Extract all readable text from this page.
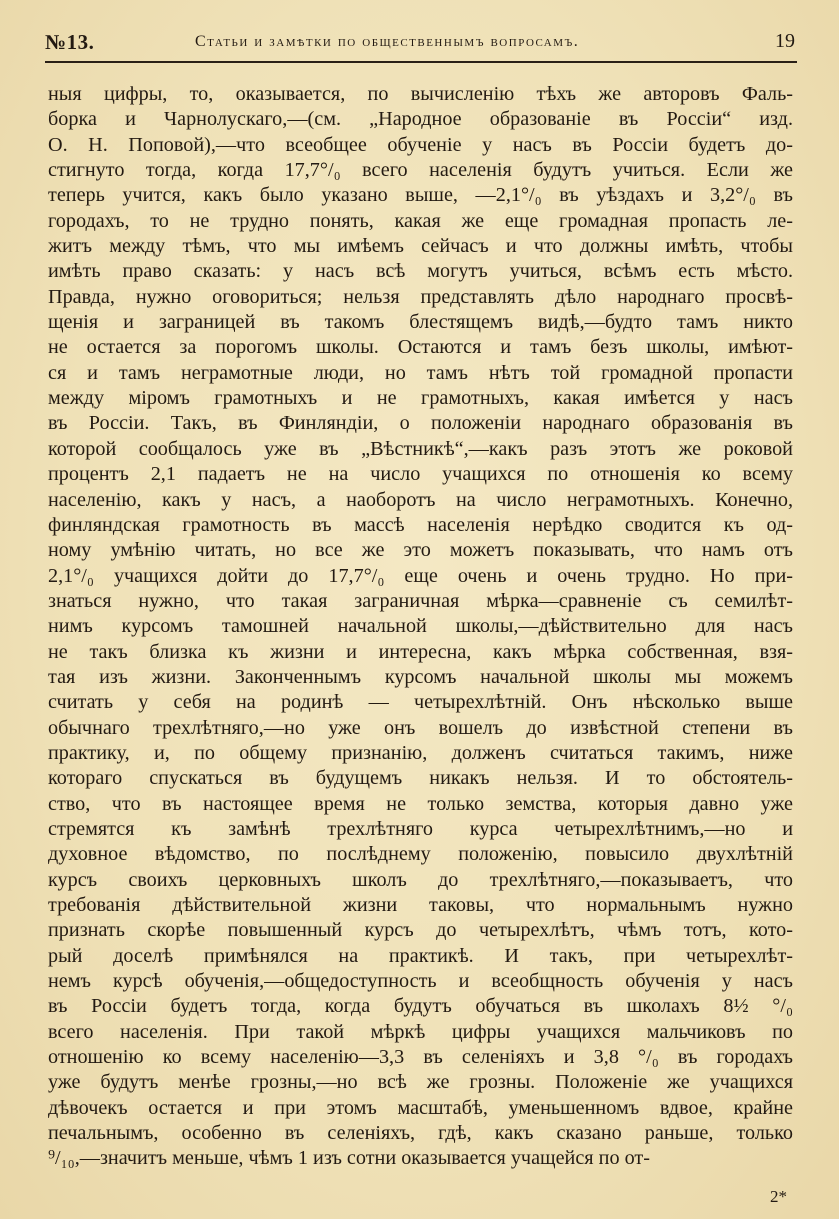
№13.	Статьи и замѣтки по общественнымъ вопросамъ.	19
ныя цифры, то, оказывается, по вычисленію тѣхъ же авторовъ Фаль-
борка и Чарнолускаго,—(см. „Народное образованіе въ Россіи“ изд.
О. Н. Поповой),—что всеобщее обученіе у насъ въ Россіи будетъ до-
стигнуто тогда, когда 17,7°/₀ всего населенія будутъ учиться. Если же
теперь учится, какъ было указано выше, —2,1°/₀ въ уѣздахъ и 3,2°/₀ въ
городахъ, то не трудно понять, какая же еще громадная пропасть ле-
житъ между тѣмъ, что мы имѣемъ сейчасъ и что должны имѣть, чтобы
имѣть право сказать: у насъ всѣ могутъ учиться, всѣмъ есть мѣсто.
Правда, нужно оговориться; нельзя представлять дѣло народнаго просвѣ-
щенія и заграницей въ такомъ блестящемъ видѣ,—будто тамъ никто
не остается за порогомъ школы. Остаются и тамъ безъ школы, имѣют-
ся и тамъ неграмотные люди, но тамъ нѣтъ той громадной пропасти
между міромъ грамотныхъ и не грамотныхъ, какая имѣется у насъ
въ Россіи. Такъ, въ Финляндіи, о положеніи народнаго образованія въ
которой сообщалось уже въ „Вѣстникѣ“,—какъ разъ этотъ же роковой
процентъ 2,1 падаетъ не на число учащихся по отношенія ко всему
населенію, какъ у насъ, а наоборотъ на число неграмотныхъ. Конечно,
финляндская грамотность въ массѣ населенія нерѣдко сводится къ од-
ному умѣнію читать, но все же это можетъ показывать, что намъ отъ
2,1°/₀ учащихся дойти до 17,7°/₀ еще очень и очень трудно. Но при-
знаться нужно, что такая заграничная мѣрка—сравненіе съ семилѣт-
нимъ курсомъ тамошней начальной школы,—дѣйствительно для насъ
не такъ близка къ жизни и интересна, какъ мѣрка собственная, взя-
тая изъ жизни. Законченнымъ курсомъ начальной школы мы можемъ
считать у себя на родинѣ — четырехлѣтній. Онъ нѣсколько выше
обычнаго трехлѣтняго,—но уже онъ вошелъ до извѣстной степени въ
практику, и, по общему признанію, долженъ считаться такимъ, ниже
котораго спускаться въ будущемъ никакъ нельзя. И то обстоятель-
ство, что въ настоящее время не только земства, которыя давно уже
стремятся къ замѣнѣ трехлѣтняго курса четырехлѣтнимъ,—но и
духовное вѣдомство, по послѣднему положенію, повысило двухлѣтній
курсъ своихъ церковныхъ школъ до трехлѣтняго,—показываетъ, что
требованія дѣйствительной жизни таковы, что нормальнымъ нужно
признать скорѣе повышенный курсъ до четырехлѣтъ, чѣмъ тотъ, кото-
рый доселѣ примѣнялся на практикѣ. И такъ, при четырехлѣт-
немъ курсѣ обученія,—общедоступность и всеобщность обученія у насъ
въ Россіи будетъ тогда, когда будутъ обучаться въ школахъ 8½ °/₀
всего населенія. При такой мѣркѣ цифры учащихся мальчиковъ по
отношенію ко всему населенію—3,3 въ селеніяхъ и 3,8 °/₀ въ городахъ
уже будутъ менѣе грозны,—но всѣ же грозны. Положеніе же учащихся
дѣвочекъ остается и при этомъ масштабѣ, уменьшенномъ вдвое, крайне
печальнымъ, особенно въ селеніяхъ, гдѣ, какъ сказано раньше, только
⁹/₁₀,—значитъ меньше, чѣмъ 1 изъ сотни оказывается учащейся по от-
2*
